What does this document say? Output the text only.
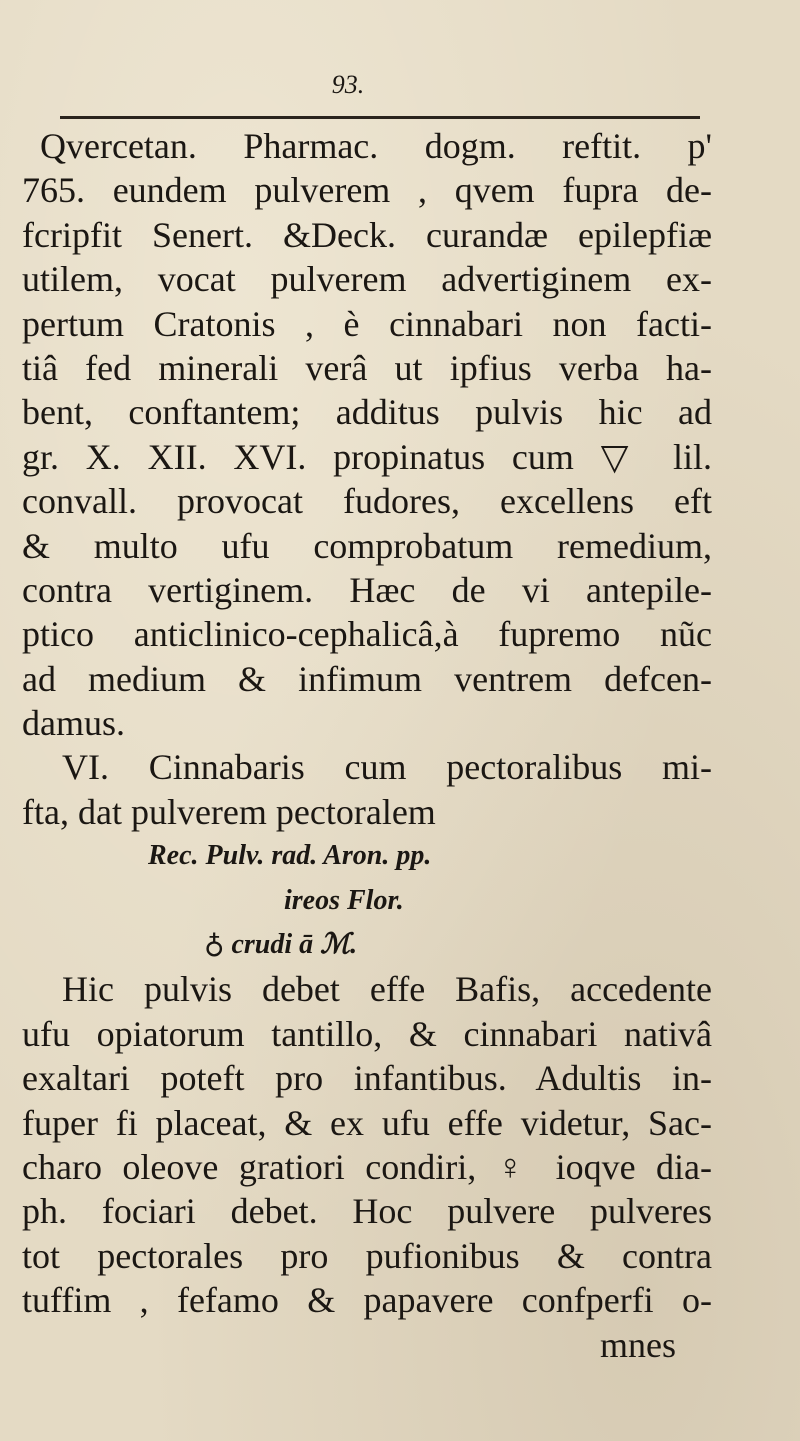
93.
Qvercetan. Pharmac. dogm. reftit. p'
765. eundem pulverem , qvem fupra de-
fcripfit Senert. &Deck. curandæ epilepfiæ
utilem, vocat pulverem advertiginem ex-
pertum Cratonis , è cinnabari non facti-
tiâ fed minerali verâ ut ipfius verba ha-
bent, conftantem; additus pulvis hic ad
gr. X. XII. XVI. propinatus cum ▽ lil.
convall. provocat fudores, excellens eft
& multo ufu comprobatum remedium,
contra vertiginem. Hæc de vi antepile-
ptico anticlinico-cephalicâ,à fupremo nũc
ad medium & infimum ventrem defcen-
damus.
VI. Cinnabaris cum pectoralibus mi-
fta, dat pulverem pectoralem
Rec. Pulv. rad. Aron. pp.
ireos Flor.
♁ crudi ā ℳ.
Hic pulvis debet effe Bafis, accedente
ufu opiatorum tantillo, & cinnabari nativâ
exaltari poteft pro infantibus. Adultis in-
fuper fi placeat, & ex ufu effe videtur, Sac-
charo oleove gratiori condiri, ♀ ioqve dia-
ph. fociari debet. Hoc pulvere pulveres
tot pectorales pro pufionibus & contra
tuffim , fefamo & papavere confperfi o-
mnes
